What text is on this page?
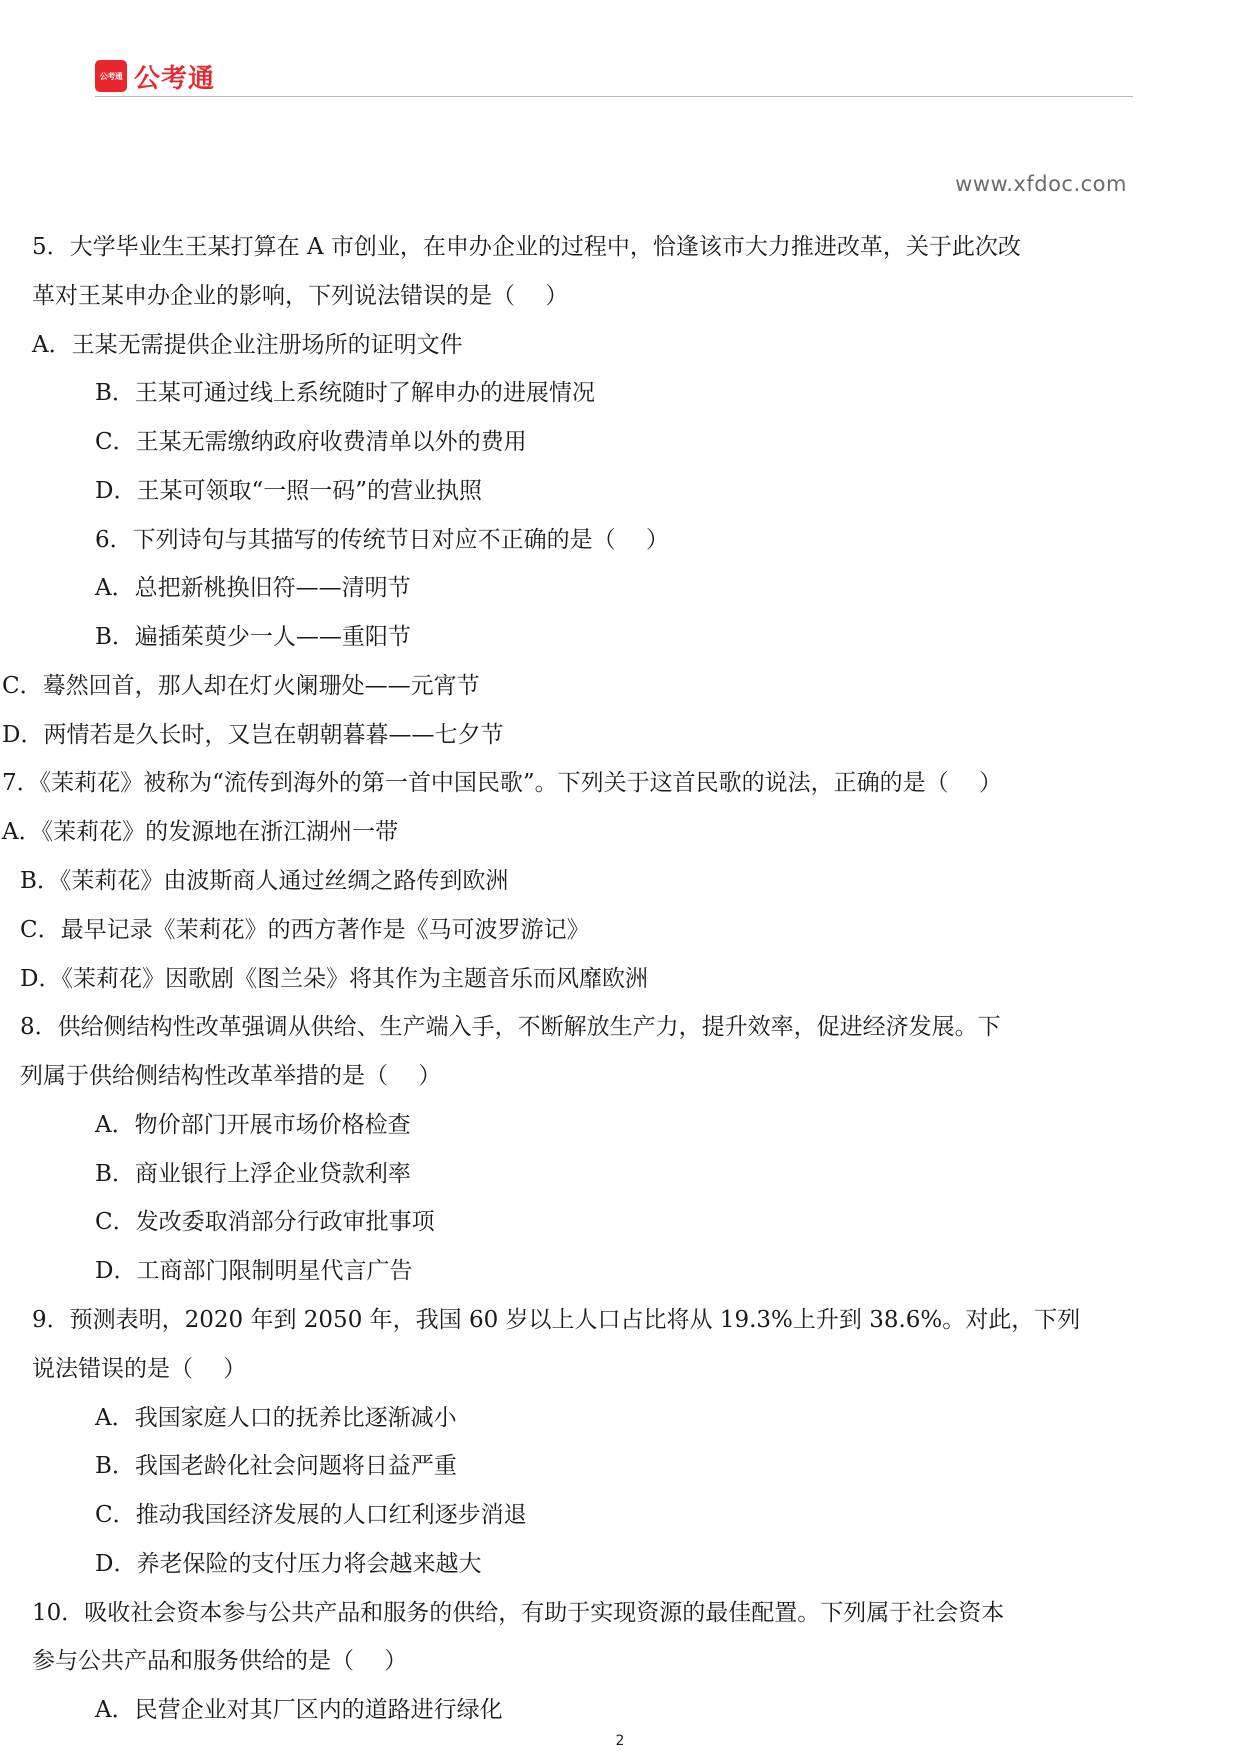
公考通 公考通
www.xfdoc.com
5．大学毕业生王某打算在 A 市创业，在申办企业的过程中，恰逢该市大力推进改革，关于此次改
革对王某申办企业的影响，下列说法错误的是（　 ）
A．王某无需提供企业注册场所的证明文件
B．王某可通过线上系统随时了解申办的进展情况
C．王某无需缴纳政府收费清单以外的费用
D．王某可领取“一照一码”的营业执照
6．下列诗句与其描写的传统节日对应不正确的是（　 ）
A．总把新桃换旧符——清明节
B．遍插茱萸少一人——重阳节
C．蓦然回首，那人却在灯火阑珊处——元宵节
D．两情若是久长时，又岂在朝朝暮暮——七夕节
7．《茉莉花》被称为“流传到海外的第一首中国民歌”。下列关于这首民歌的说法，正确的是（　 ）
A．《茉莉花》的发源地在浙江湖州一带
B．《茉莉花》由波斯商人通过丝绸之路传到欧洲
C．最早记录《茉莉花》的西方著作是《马可波罗游记》
D．《茉莉花》因歌剧《图兰朵》将其作为主题音乐而风靡欧洲
8．供给侧结构性改革强调从供给、生产端入手，不断解放生产力，提升效率，促进经济发展。下
列属于供给侧结构性改革举措的是（　 ）
A．物价部门开展市场价格检查
B．商业银行上浮企业贷款利率
C．发改委取消部分行政审批事项
D．工商部门限制明星代言广告
9．预测表明，2020 年到 2050 年，我国 60 岁以上人口占比将从 19.3%上升到 38.6%。对此，下列
说法错误的是（　 ）
A．我国家庭人口的抚养比逐渐减小
B．我国老龄化社会问题将日益严重
C．推动我国经济发展的人口红利逐步消退
D．养老保险的支付压力将会越来越大
10．吸收社会资本参与公共产品和服务的供给，有助于实现资源的最佳配置。下列属于社会资本
参与公共产品和服务供给的是（　 ）
A．民营企业对其厂区内的道路进行绿化
2
